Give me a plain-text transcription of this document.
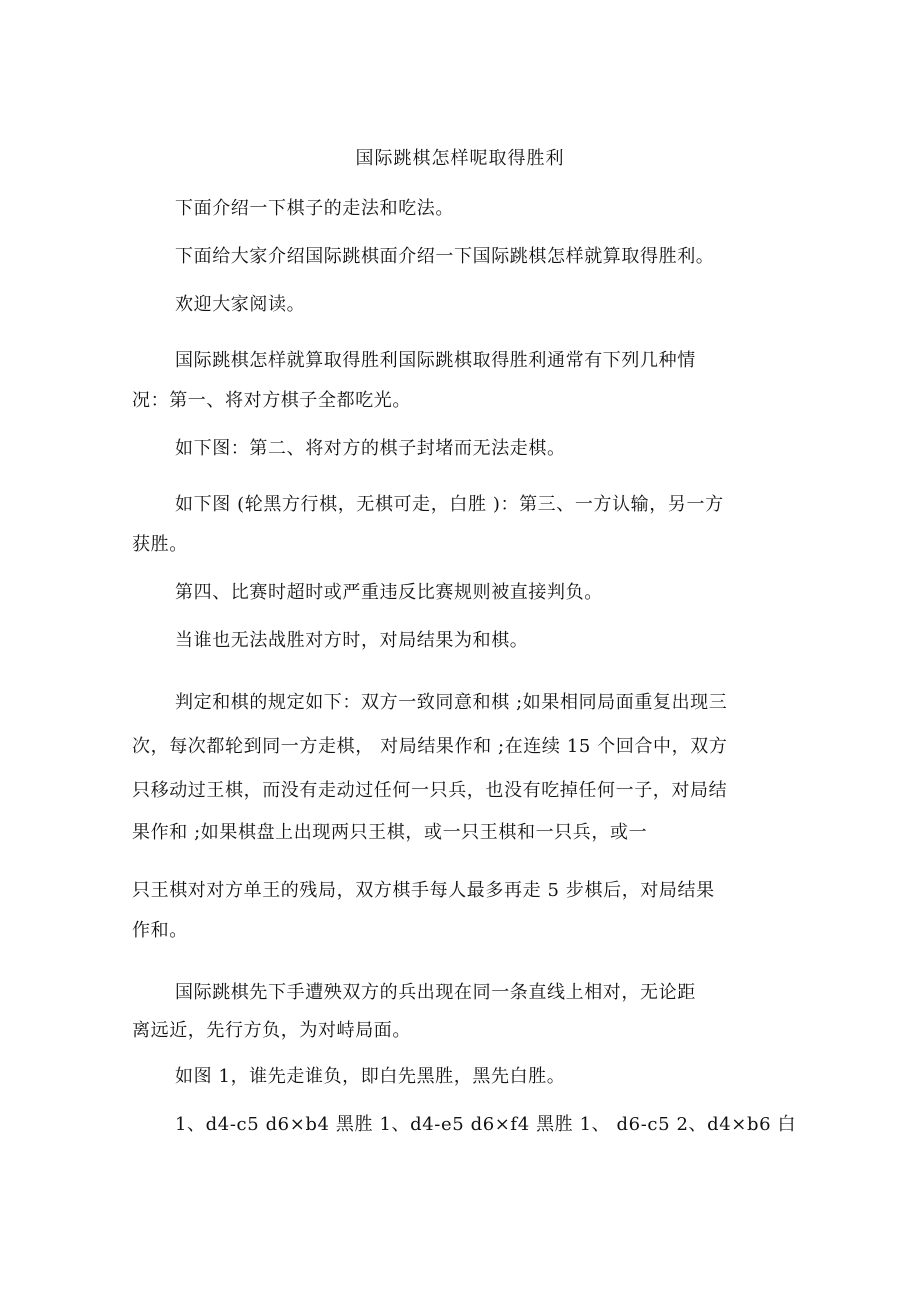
国际跳棋怎样呢取得胜利
下面介绍一下棋子的走法和吃法。
下面给大家介绍国际跳棋面介绍一下国际跳棋怎样就算取得胜利。
欢迎大家阅读。
国际跳棋怎样就算取得胜利国际跳棋取得胜利通常有下列几种情
况：第一、将对方棋子全都吃光。
如下图：第二、将对方的棋子封堵而无法走棋。
如下图 (轮黑方行棋，无棋可走，白胜 )：第三、一方认输，另一方
获胜。
第四、比赛时超时或严重违反比赛规则被直接判负。
当谁也无法战胜对方时，对局结果为和棋。
判定和棋的规定如下：双方一致同意和棋 ;如果相同局面重复出现三
次，每次都轮到同一方走棋， 对局结果作和 ;在连续 15 个回合中，双方
只移动过王棋，而没有走动过任何一只兵，也没有吃掉任何一子，对局结
果作和 ;如果棋盘上出现两只王棋，或一只王棋和一只兵，或一
只王棋对对方单王的残局，双方棋手每人最多再走 5 步棋后，对局结果
作和。
国际跳棋先下手遭殃双方的兵出现在同一条直线上相对，无论距
离远近，先行方负，为对峙局面。
如图 1，谁先走谁负，即白先黑胜，黑先白胜。
1、d4-c5 d6×b4 黑胜 1、d4-e5 d6×f4 黑胜 1、 d6-c5 2、d4×b6 白
